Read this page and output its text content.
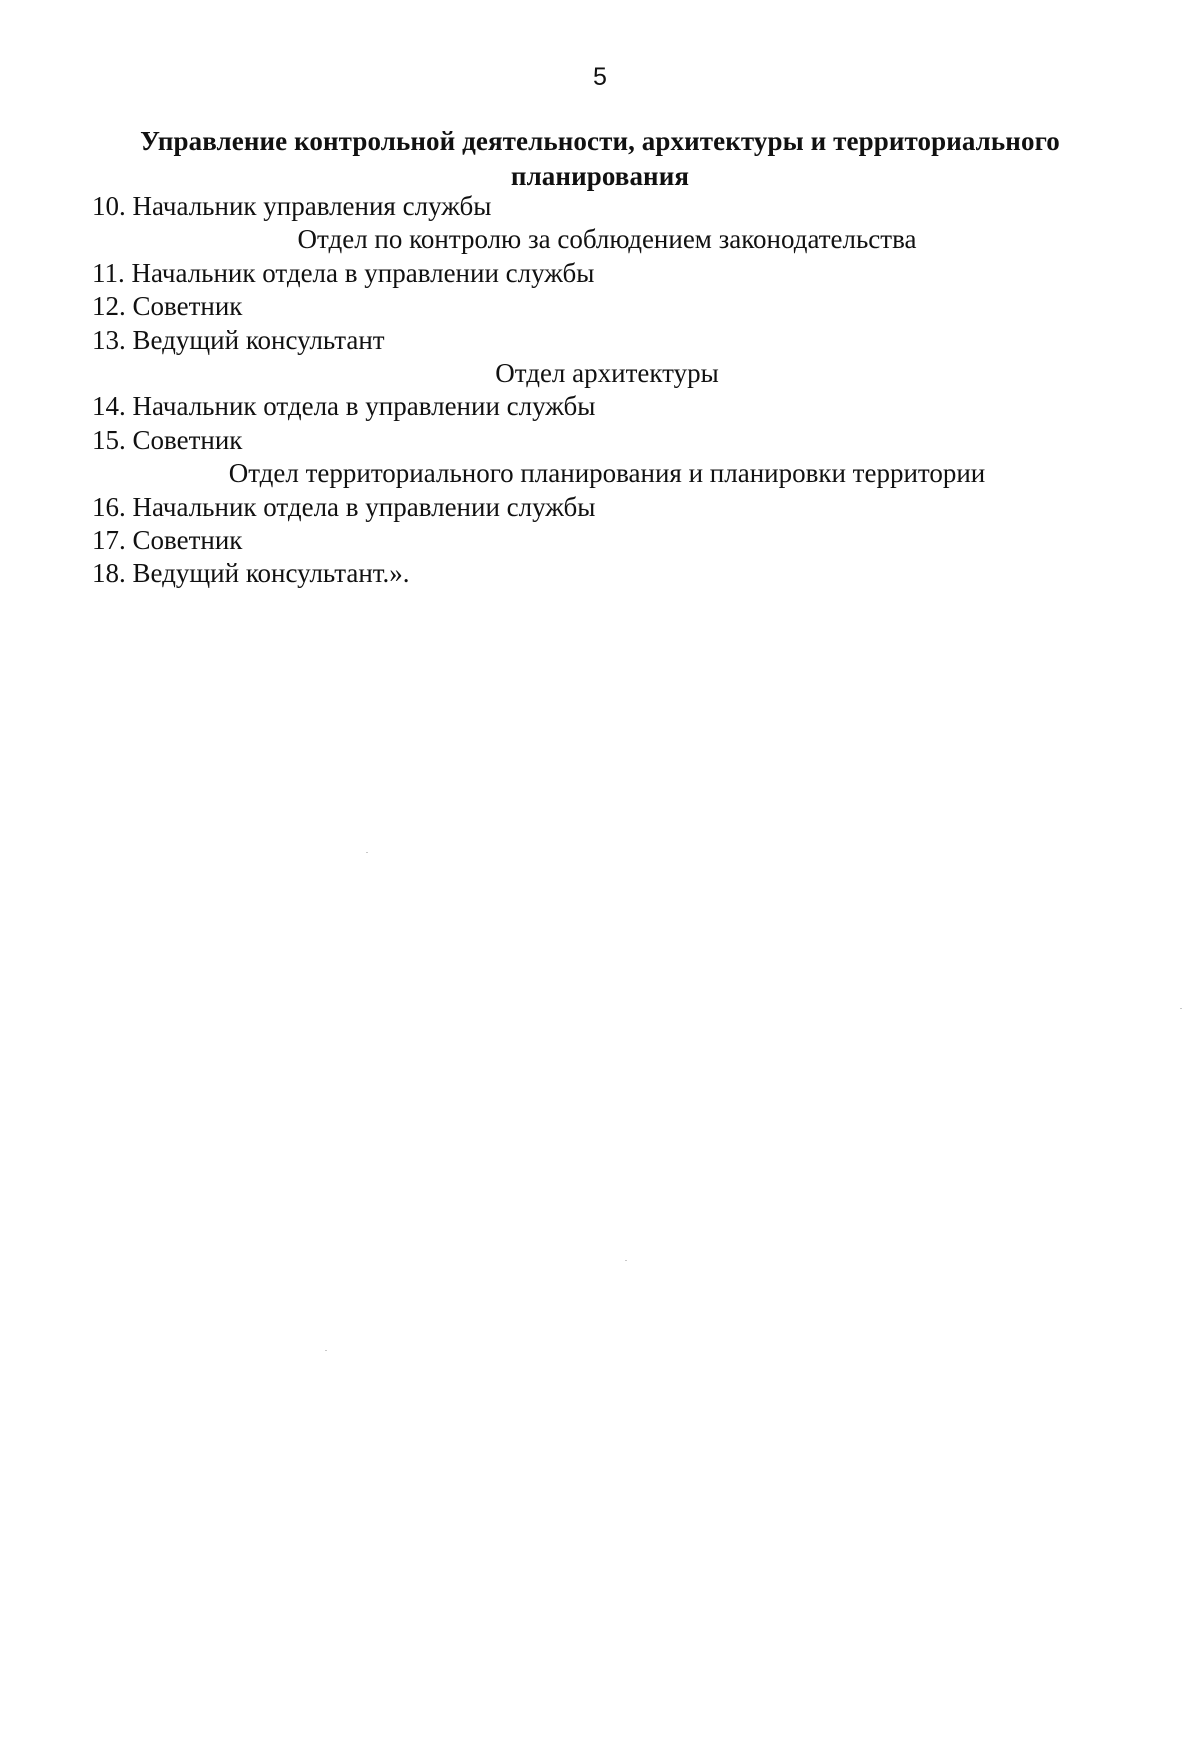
5
Управление контрольной деятельности, архитектуры и территориального планирования
10. Начальник управления службы
Отдел по контролю за соблюдением законодательства
11. Начальник отдела в управлении службы
12. Советник
13. Ведущий консультант
Отдел архитектуры
14. Начальник отдела в управлении службы
15. Советник
Отдел территориального планирования и планировки территории
16. Начальник отдела в управлении службы
17. Советник
18. Ведущий консультант.».
